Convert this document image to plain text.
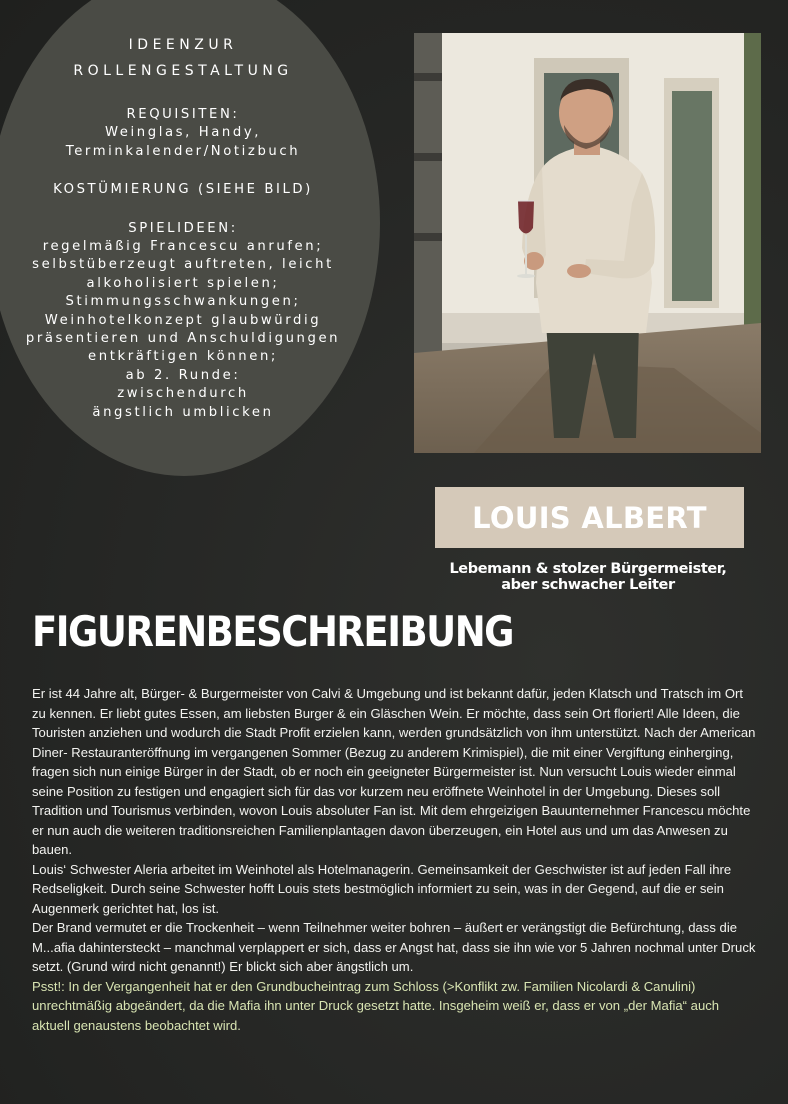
IDEENZUR
ROLLENGESTALTUNG
REQUISITEN:
Weinglas, Handy,
Terminkalender/Notizbuch
KOSTÜMIERUNG (SIEHE BILD)
SPIELIDEEN:
regelmäßig Francescu anrufen;
selbstüberzeugt auftreten, leicht
alkoholisiert spielen;
Stimmungsschwankungen;
Weinhotelkonzept glaubwürdig
präsentieren und Anschuldigungen
entkräftigen können;
ab 2. Runde:
zwischendurch
ängstlich umblicken
LOUIS ALBERT
Lebemann & stolzer Bürgermeister,
aber schwacher Leiter
FIGURENBESCHREIBUNG

Er ist 44 Jahre alt, Bürger- & Burgermeister von Calvi & Umgebung und ist bekannt dafür, jeden Klatsch und Tratsch im Ort zu kennen. Er liebt gutes Essen, am liebsten Burger & ein Gläschen Wein. Er möchte, dass sein Ort floriert! Alle Ideen, die Touristen anziehen und wodurch die Stadt Profit erzielen kann, werden grundsätzlich von ihm unterstützt. Nach der American Diner- Restauranteröffnung im vergangenen Sommer (Bezug zu anderem Krimispiel), die mit einer Vergiftung einherging, fragen sich nun einige Bürger in der Stadt, ob er noch ein geeigneter Bürgermeister ist. Nun versucht Louis wieder einmal seine Position zu festigen und engagiert sich für das vor kurzem neu eröffnete Weinhotel in der Umgebung. Dieses soll Tradition und Tourismus verbinden, wovon Louis absoluter Fan ist. Mit dem ehrgeizigen Bauunternehmer Francescu möchte er nun auch die weiteren traditionsreichen Familienplantagen davon überzeugen, ein Hotel aus und um das Anwesen zu bauen.

Louis‘ Schwester Aleria arbeitet im Weinhotel als Hotelmanagerin. Gemeinsamkeit der Geschwister ist auf jeden Fall ihre Redseligkeit. Durch seine Schwester hofft Louis stets bestmöglich informiert zu sein, was in der Gegend, auf die er sein Augenmerk gerichtet hat, los ist.

Der Brand vermutet er die Trockenheit – wenn Teilnehmer weiter bohren – äußert er verängstigt die Befürchtung, dass die M...afia dahintersteckt – manchmal verplappert er sich, dass er Angst hat, dass sie ihn wie vor 5 Jahren nochmal unter Druck setzt. (Grund wird nicht genannt!) Er blickt sich aber ängstlich um.

Psst!: In der Vergangenheit hat er den Grundbucheintrag zum Schloss (>Konflikt zw. Familien Nicolardi & Canulini) unrechtmäßig abgeändert, da die Mafia ihn unter Druck gesetzt hatte. Insgeheim weiß er, dass er von „der Mafia“ auch aktuell genaustens beobachtet wird.
